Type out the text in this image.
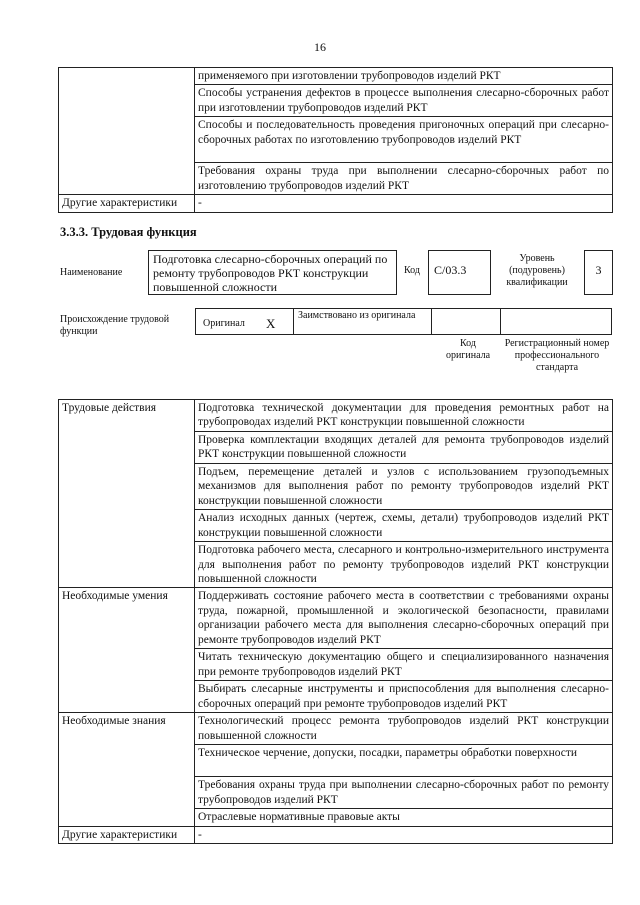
16
	применяемого при изготовлении трубопроводов изделий РКТ
	Способы устранения дефектов в процессе выполнения слесарно-сборочных работ при изготовлении трубопроводов изделий РКТ
	Способы и последовательность проведения пригоночных операций при слесарно-сборочных работах по изготовлению трубопроводов изделий РКТ
	Требования охраны труда при выполнении слесарно-сборочных работ по изготовлению трубопроводов изделий РКТ
Другие характеристики	-
3.3.3. Трудовая функция
Наименование
Подготовка слесарно-сборочных операций по ремонту трубопроводов РКТ конструкции повышенной сложности
Код	С/03.3
Уровень (подуровень) квалификации
3
Происхождение трудовой функции
Оригинал X
Заимствовано из оригинала
Код оригинала
Регистрационный номер профессионального стандарта
Трудовые действия	Подготовка технической документации для проведения ремонтных работ на трубопроводах изделий РКТ конструкции повышенной сложности
	Проверка комплектации входящих деталей для ремонта трубопроводов изделий РКТ конструкции повышенной сложности
	Подъем, перемещение деталей и узлов с использованием грузоподъемных механизмов для выполнения работ по ремонту трубопроводов изделий РКТ конструкции повышенной сложности
	Анализ исходных данных (чертеж, схемы, детали) трубопроводов изделий РКТ конструкции повышенной сложности
	Подготовка рабочего места, слесарного и контрольно-измерительного инструмента для выполнения работ по ремонту трубопроводов изделий РКТ конструкции повышенной сложности
Необходимые умения	Поддерживать состояние рабочего места в соответствии с требованиями охраны труда, пожарной, промышленной и экологической безопасности, правилами организации рабочего места для выполнения слесарно-сборочных операций при ремонте трубопроводов изделий РКТ
	Читать техническую документацию общего и специализированного назначения при ремонте трубопроводов изделий РКТ
	Выбирать слесарные инструменты и приспособления для выполнения слесарно-сборочных операций при ремонте трубопроводов изделий РКТ
Необходимые знания	Технологический процесс ремонта трубопроводов изделий РКТ конструкции повышенной сложности
	Техническое черчение, допуски, посадки, параметры обработки поверхности
	Требования охраны труда при выполнении слесарно-сборочных работ по ремонту трубопроводов изделий РКТ
	Отраслевые нормативные правовые акты
Другие характеристики	-
